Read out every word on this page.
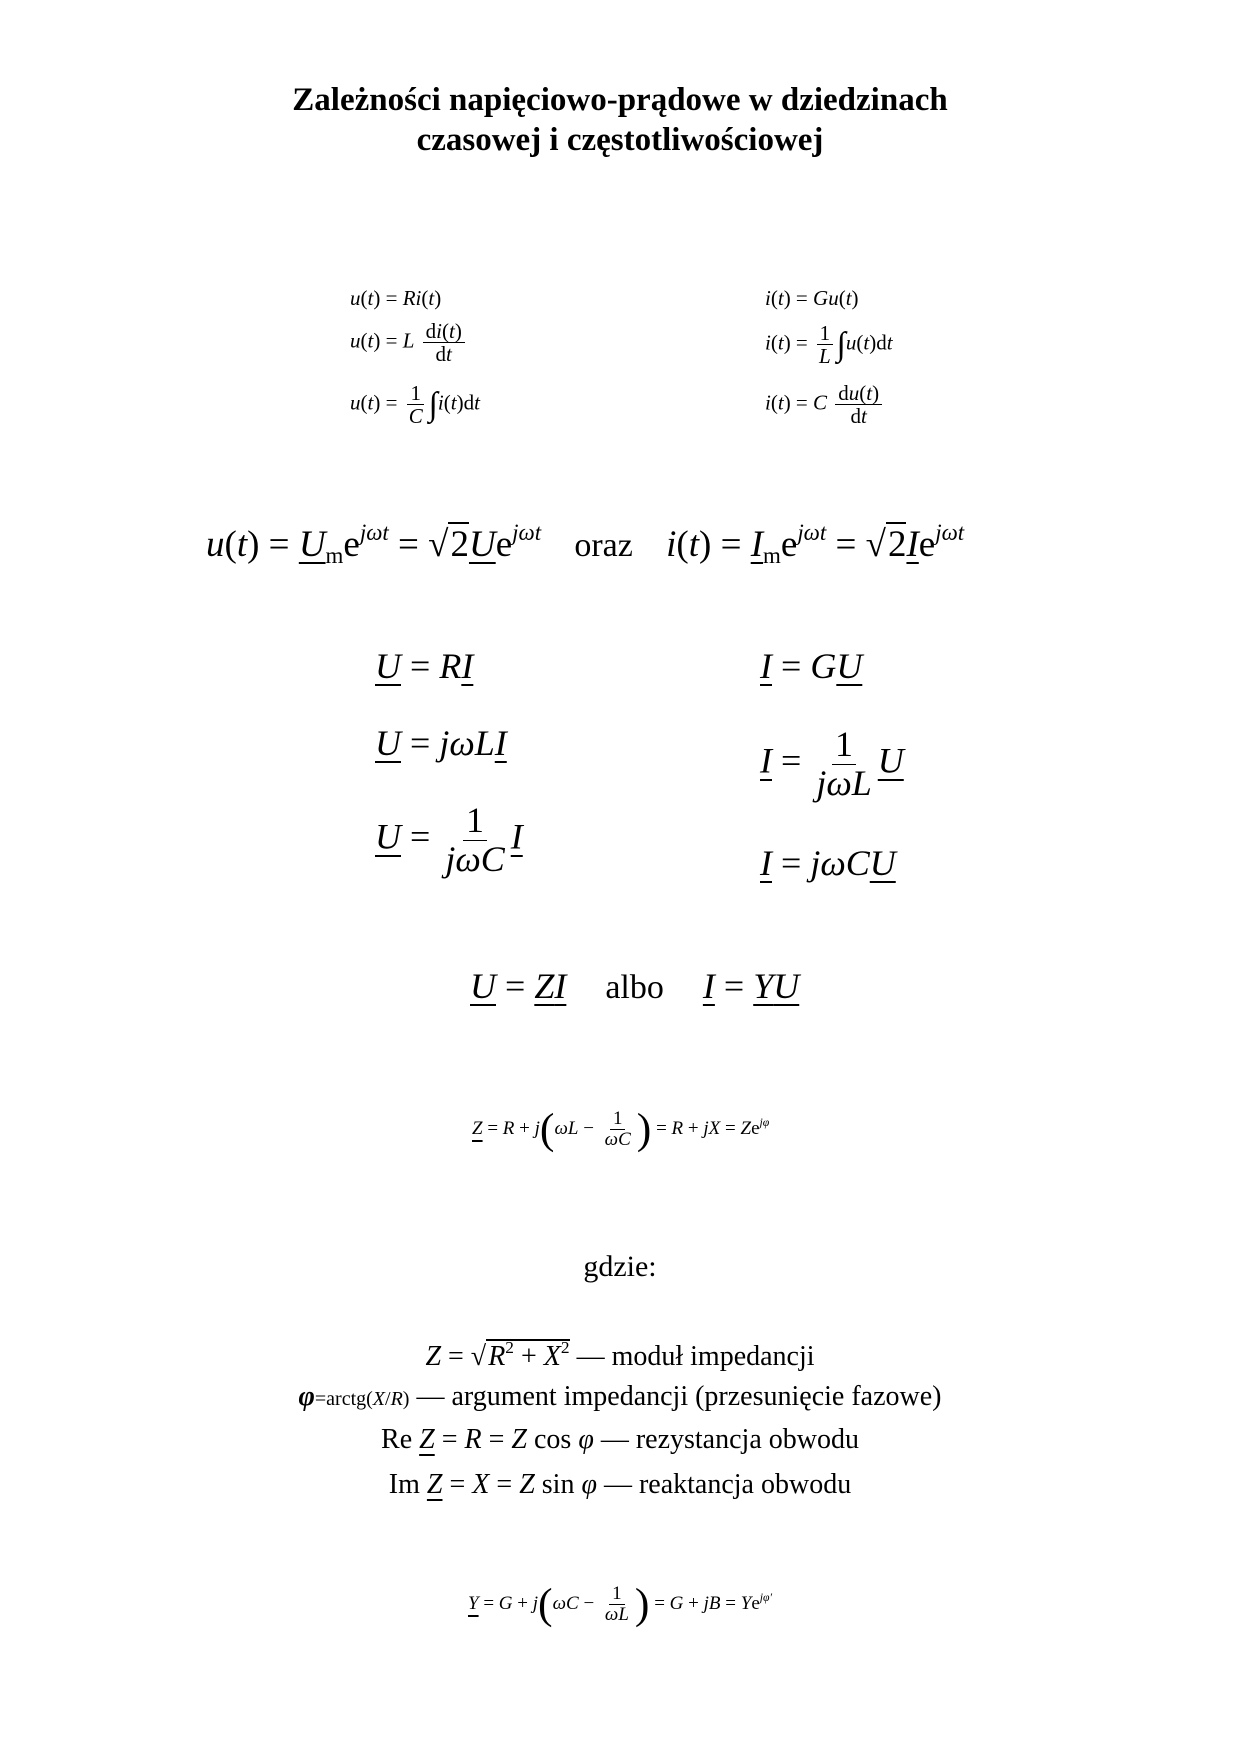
Zależności napięciowo-prądowe w dziedzinach
czasowej i częstotliwościowej
u(t) = Ri(t)
u(t) = L $\frac{di(t)}{dt}$
$u(t) = \frac{1}{C} \int i(t)dt$
i(t) = Gu(t)
$i(t) = \frac{1}{L} \int u(t)dt$
i(t) = C $\frac{du(t)}{dt}$
$u(t) = U_me^{j\omega t} = √2Ue^{j\omega t}$ oraz $i(t) = I_me^{j\omega t} = √2Ie^{j\omega t}$
U = RI
U = jωLI
$U = \frac{1}{\text{jωC}}$ I
I = GU
$I = \frac{1}{\text{jωL}}$ U
I = jωCU
U = ZI albo I = YU
$Z = R + j(\omega L - \frac{1}{\omega C}$ ) = R + jX = $Ze^{j\varphi}$
gdzie:
$Z = √R^2 + X^2$ — moduł impedancji
φ=arctg(X/R) — argument impedancji (przesunięcie fazowe)
Re Z = R = Z cos φ — rezystancja obwodu
Im Z = X = Z sin φ — reaktancja obwodu
$Y = G + j(\omega C - \frac{1}{\omega L}$ ) = G + jB = $Ye^{j\varphi'}$
